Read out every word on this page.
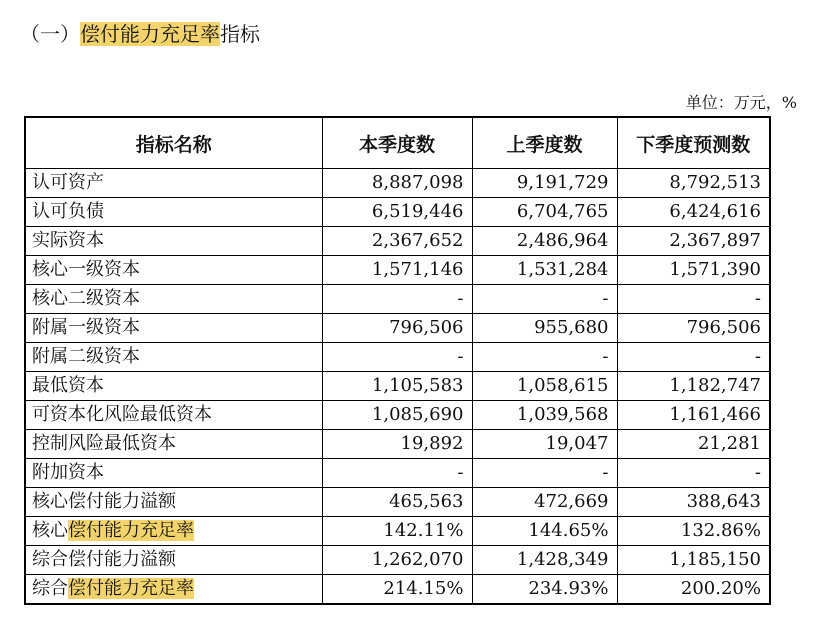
（一）偿付能力充足率指标
单位：万元，%
指标名称	本季度数	上季度数	下季度预测数
认可资产	8,887,098	9,191,729	8,792,513
认可负债	6,519,446	6,704,765	6,424,616
实际资本	2,367,652	2,486,964	2,367,897
核心一级资本	1,571,146	1,531,284	1,571,390
核心二级资本	-	-	-
附属一级资本	796,506	955,680	796,506
附属二级资本	-	-	-
最低资本	1,105,583	1,058,615	1,182,747
可资本化风险最低资本	1,085,690	1,039,568	1,161,466
控制风险最低资本	19,892	19,047	21,281
附加资本	-	-	-
核心偿付能力溢额	465,563	472,669	388,643
核心偿付能力充足率	142.11%	144.65%	132.86%
综合偿付能力溢额	1,262,070	1,428,349	1,185,150
综合偿付能力充足率	214.15%	234.93%	200.20%
